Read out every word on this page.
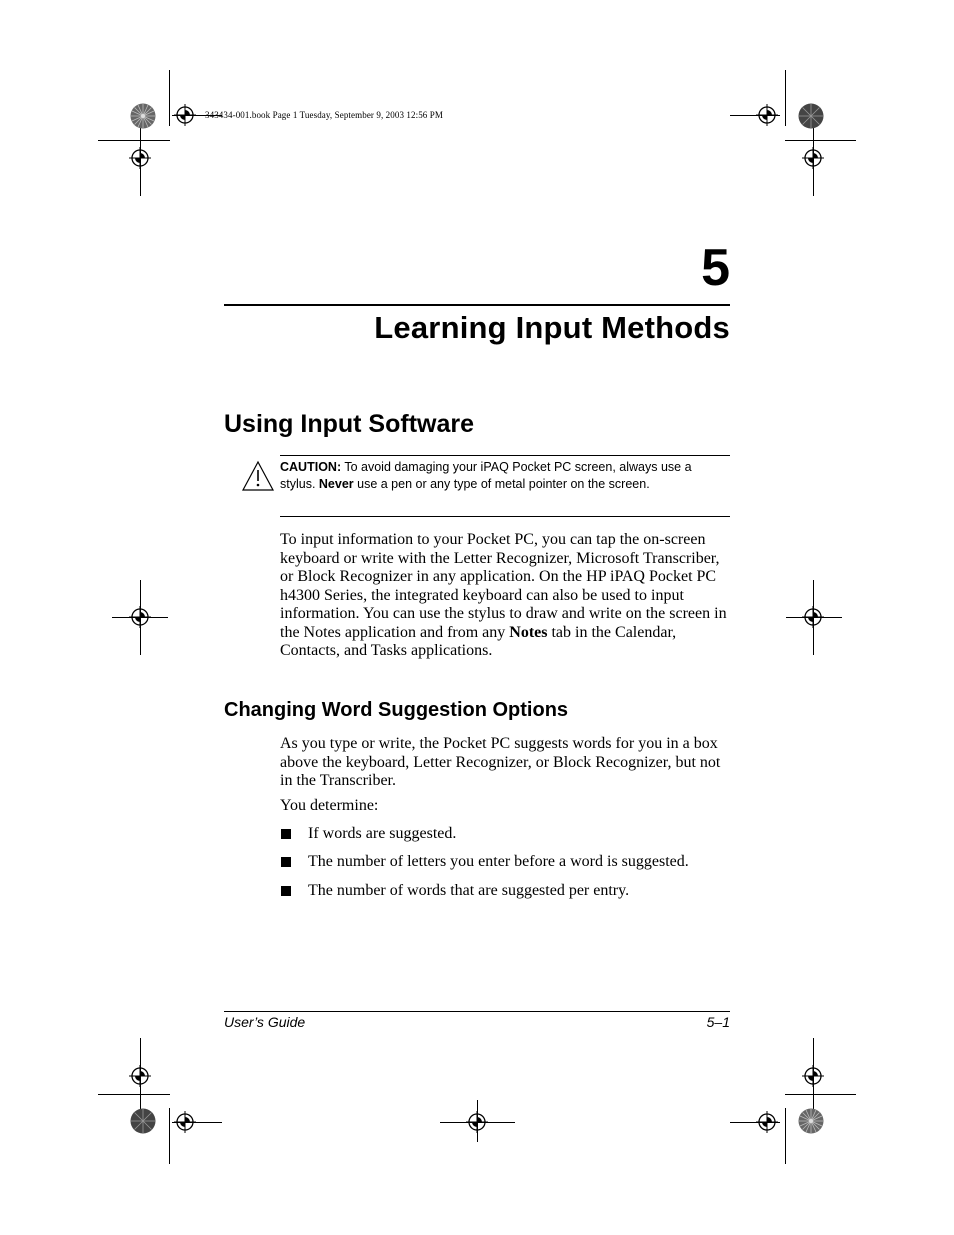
343434-001.book Page 1 Tuesday, September 9, 2003 12:56 PM
5
Learning Input Methods
Using Input Software
CAUTION: To avoid damaging your iPAQ Pocket PC screen, always use a stylus. Never use a pen or any type of metal pointer on the screen.
To input information to your Pocket PC, you can tap the on-screen keyboard or write with the Letter Recognizer, Microsoft Transcriber, or Block Recognizer in any application. On the HP iPAQ Pocket PC h4300 Series, the integrated keyboard can also be used to input information. You can use the stylus to draw and write on the screen in the Notes application and from any Notes tab in the Calendar, Contacts, and Tasks applications.
Changing Word Suggestion Options
As you type or write, the Pocket PC suggests words for you in a box above the keyboard, Letter Recognizer, or Block Recognizer, but not in the Transcriber.
You determine:
If words are suggested.
The number of letters you enter before a word is suggested.
The number of words that are suggested per entry.
User’s Guide	5–1
